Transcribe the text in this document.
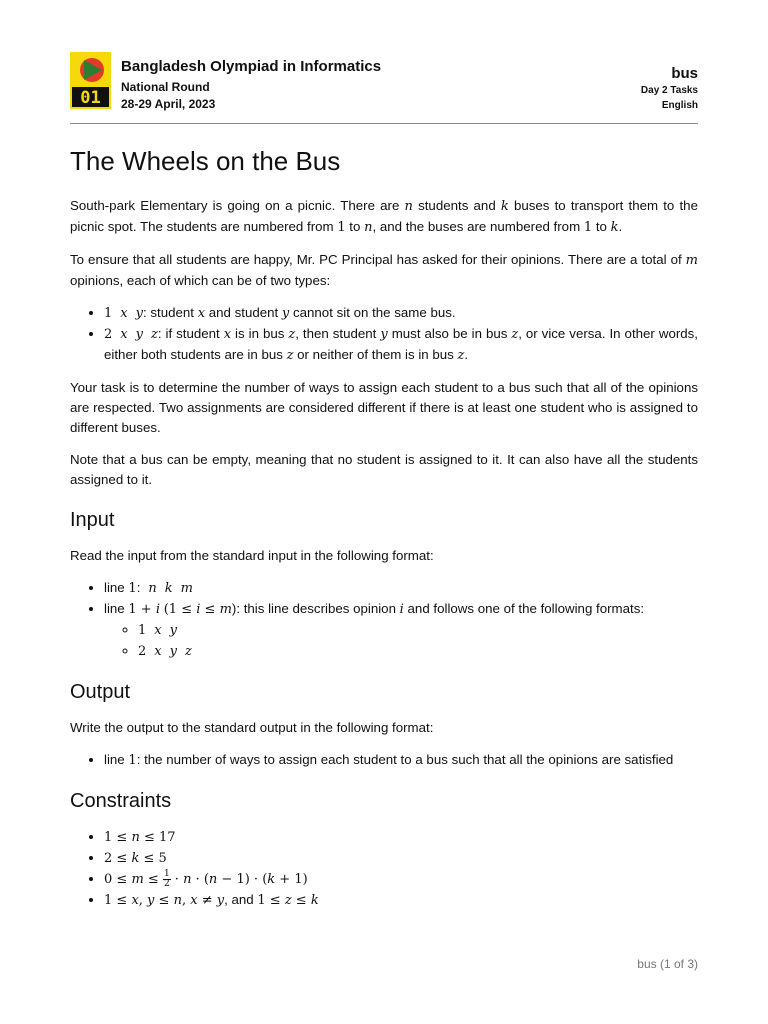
01
Bangladesh Olympiad in Informatics
National Round
28-29 April, 2023
bus
Day 2 Tasks
English
The Wheels on the Bus

South-park Elementary is going on a picnic. There are n students and k buses to transport them to the picnic spot. The students are numbered from 1 to n, and the buses are numbered from 1 to k.

To ensure that all students are happy, Mr. PC Principal has asked for their opinions. There are a total of m opinions, each of which can be of two types:

• 1 x y: student x and student y cannot sit on the same bus.
• 2 x y z: if student x is in bus z, then student y must also be in bus z, or vice versa. In other words, either both students are in bus z or neither of them is in bus z.

Your task is to determine the number of ways to assign each student to a bus such that all of the opinions are respected. Two assignments are considered different if there is at least one student who is assigned to different buses.

Note that a bus can be empty, meaning that no student is assigned to it. It can also have all the students assigned to it.

Input

Read the input from the standard input in the following format:

• line 1: n k m
• line 1 + i (1 ≤ i ≤ m): this line describes opinion i and follows one of the following formats:
◦ 1 x y
◦ 2 x y z
Output

Write the output to the standard output in the following format:

• line 1: the number of ways to assign each student to a bus such that all the opinions are satisfied
Constraints
• 1 ≤ n ≤ 17
• 2 ≤ k ≤ 5
• $0 \le m \le \frac{1}{2} \cdot n \cdot (n - 1) \cdot (k + 1)$
• 1 ≤ x, y ≤ n, x ≠ y, and 1 ≤ z ≤ k
bus (1 of 3)
